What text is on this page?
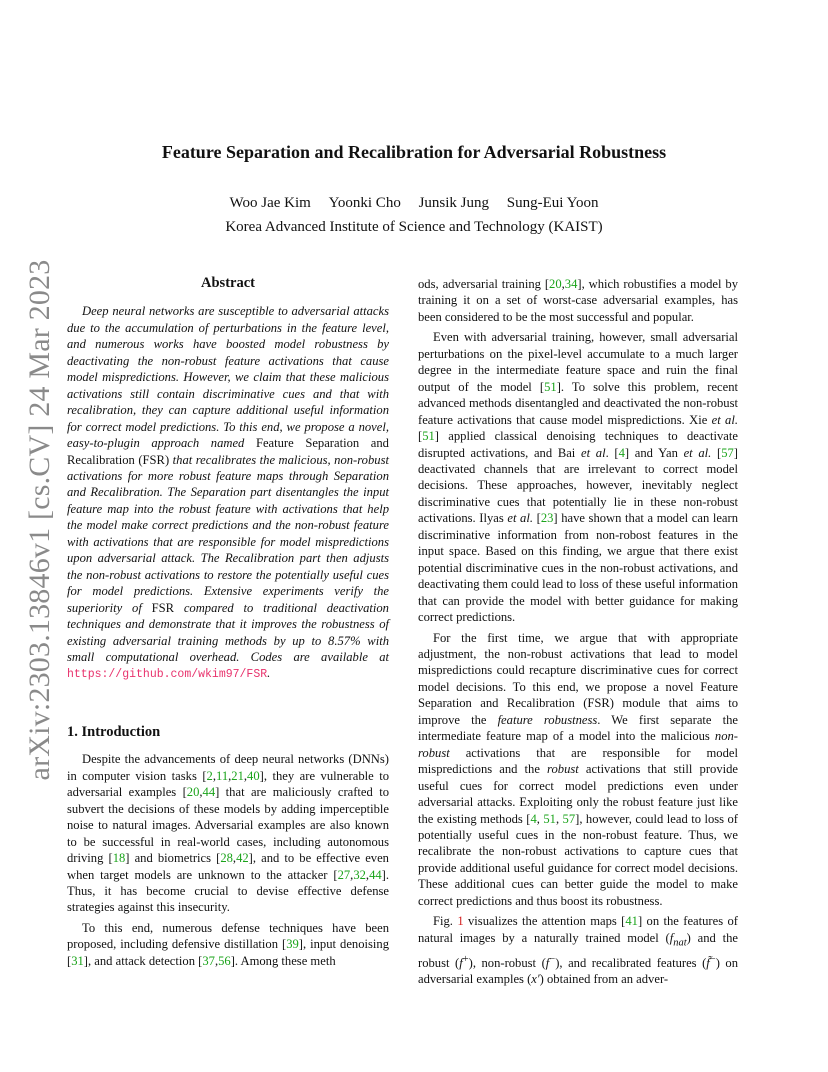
arXiv:2303.13846v1 [cs.CV] 24 Mar 2023
Feature Separation and Recalibration for Adversarial Robustness
Woo Jae Kim Yoonki Cho Junsik Jung Sung-Eui Yoon
Korea Advanced Institute of Science and Technology (KAIST)
Abstract

Deep neural networks are susceptible to adversarial attacks due to the accumulation of perturbations in the feature level, and numerous works have boosted model robustness by deactivating the non-robust feature activations that cause model mispredictions. However, we claim that these malicious activations still contain discriminative cues and that with recalibration, they can capture additional useful information for correct model predictions. To this end, we propose a novel, easy-to-plugin approach named Feature Separation and Recalibration (FSR) that recalibrates the malicious, non-robust activations for more robust feature maps through Separation and Recalibration. The Separation part disentangles the input feature map into the robust feature with activations that help the model make correct predictions and the non-robust feature with activations that are responsible for model mispredictions upon adversarial attack. The Recalibration part then adjusts the non-robust activations to restore the potentially useful cues for model predictions. Extensive experiments verify the superiority of FSR compared to traditional deactivation techniques and demonstrate that it improves the robustness of existing adversarial training methods by up to 8.57% with small computational overhead. Codes are available at https://github.com/wkim97/FSR.

1. Introduction

Despite the advancements of deep neural networks (DNNs) in computer vision tasks [2,11,21,40], they are vulnerable to adversarial examples [20,44] that are maliciously crafted to subvert the decisions of these models by adding imperceptible noise to natural images. Adversarial examples are also known to be successful in real-world cases, including autonomous driving [18] and biometrics [28,42], and to be effective even when target models are unknown to the attacker [27,32,44]. Thus, it has become crucial to devise effective defense strategies against this insecurity.

To this end, numerous defense techniques have been proposed, including defensive distillation [39], input denoising [31], and attack detection [37,56]. Among these meth

ods, adversarial training [20,34], which robustifies a model by training it on a set of worst-case adversarial examples, has been considered to be the most successful and popular.

Even with adversarial training, however, small adversarial perturbations on the pixel-level accumulate to a much larger degree in the intermediate feature space and ruin the final output of the model [51]. To solve this problem, recent advanced methods disentangled and deactivated the non-robust feature activations that cause model mispredictions. Xie et al. [51] applied classical denoising techniques to deactivate disrupted activations, and Bai et al. [4] and Yan et al. [57] deactivated channels that are irrelevant to correct model decisions. These approaches, however, inevitably neglect discriminative cues that potentially lie in these non-robust activations. Ilyas et al. [23] have shown that a model can learn discriminative information from non-robost features in the input space. Based on this finding, we argue that there exist potential discriminative cues in the non-robust activations, and deactivating them could lead to loss of these useful information that can provide the model with better guidance for making correct predictions.

For the first time, we argue that with appropriate adjustment, the non-robust activations that lead to model mispredictions could recapture discriminative cues for correct model decisions. To this end, we propose a novel Feature Separation and Recalibration (FSR) module that aims to improve the feature robustness. We first separate the intermediate feature map of a model into the malicious non-robust activations that are responsible for model mispredictions and the robust activations that still provide useful cues for correct model predictions even under adversarial attacks. Exploiting only the robust feature just like the existing methods [4, 51, 57], however, could lead to loss of potentially useful cues in the non-robust feature. Thus, we recalibrate the non-robust activations to capture cues that provide additional useful guidance for correct model decisions. These additional cues can better guide the model to make correct predictions and thus boost its robustness.

Fig. 1 visualizes the attention maps [41] on the features of natural images by a naturally trained model $(f_{nat})$ and the robust (f+), non-robust (f−), and recalibrated features (f̃−) on adversarial examples (x′) obtained from an adver-
